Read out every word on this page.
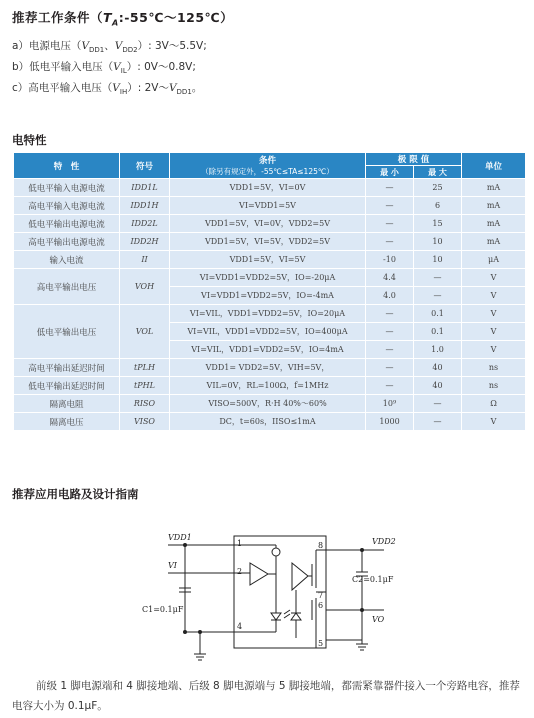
推荐工作条件$(T_A:-55℃\sim 125℃)$
a）电源电压（$V_{DD1}$、$V_{DD2}$）: 3V～5.5V;
b）低电平输入电压$(V_{IL})$: 0V～0.8V;
c）高电平输入电压$(V_{IH})$: $2V\sim V_{DD1}$。
电特性
特　性	符号	条件
（除另有规定外，-55℃≤TA≤125℃）	极 限 值		单位
			最 小	最 大	
低电平输入电源电流	IDD1L	VDD1=5V，VI=0V	—	25	mA
高电平输入电源电流	IDD1H	VI=VDD1=5V	—	6	mA
低电平输出电源电流	IDD2L	VDD1=5V，VI=0V，VDD2=5V	—	15	mA
高电平输出电源电流	IDD2H	VDD1=5V，VI=5V，VDD2=5V	—	10	mA
输入电流	II	VDD1=5V，VI=5V	-10	10	μA
高电平输出电压	VOH	VI=VDD1=VDD2=5V，IO=-20μA	4.4	—	V
		VI=VDD1=VDD2=5V，IO=-4mA	4.0	—	V
低电平输出电压	VOL	VI=VIL，VDD1=VDD2=5V，IO=20μA	—	0.1	V
		VI=VIL，VDD1=VDD2=5V，IO=400μA	—	0.1	V
		VI=VIL，VDD1=VDD2=5V，IO=4mA	—	1.0	V
高电平输出延迟时间	tPLH	VDD1= VDD2=5V，VIH=5V，	—	40	ns
低电平输出延迟时间	tPHL	VIL=0V，RL=100Ω，f=1MHz	—	40	ns
隔离电阻	RISO	VISO=500V，R·H 40%～60%	10⁹	—	Ω
隔离电压	VISO	DC，t=60s，IISO≤1mA	1000	—	V
推荐应用电路及设计指南
VDD1
VI
C1=0.1μF
VDD2
C2=0.1μF
VO
1
2
4
5
6
7
8
前级 1 脚电源端和 4 脚接地端、后级 8 脚电源端与 5 脚接地端，都需紧靠器件接入一个旁路电容，推荐电容大小为 0.1μF。
